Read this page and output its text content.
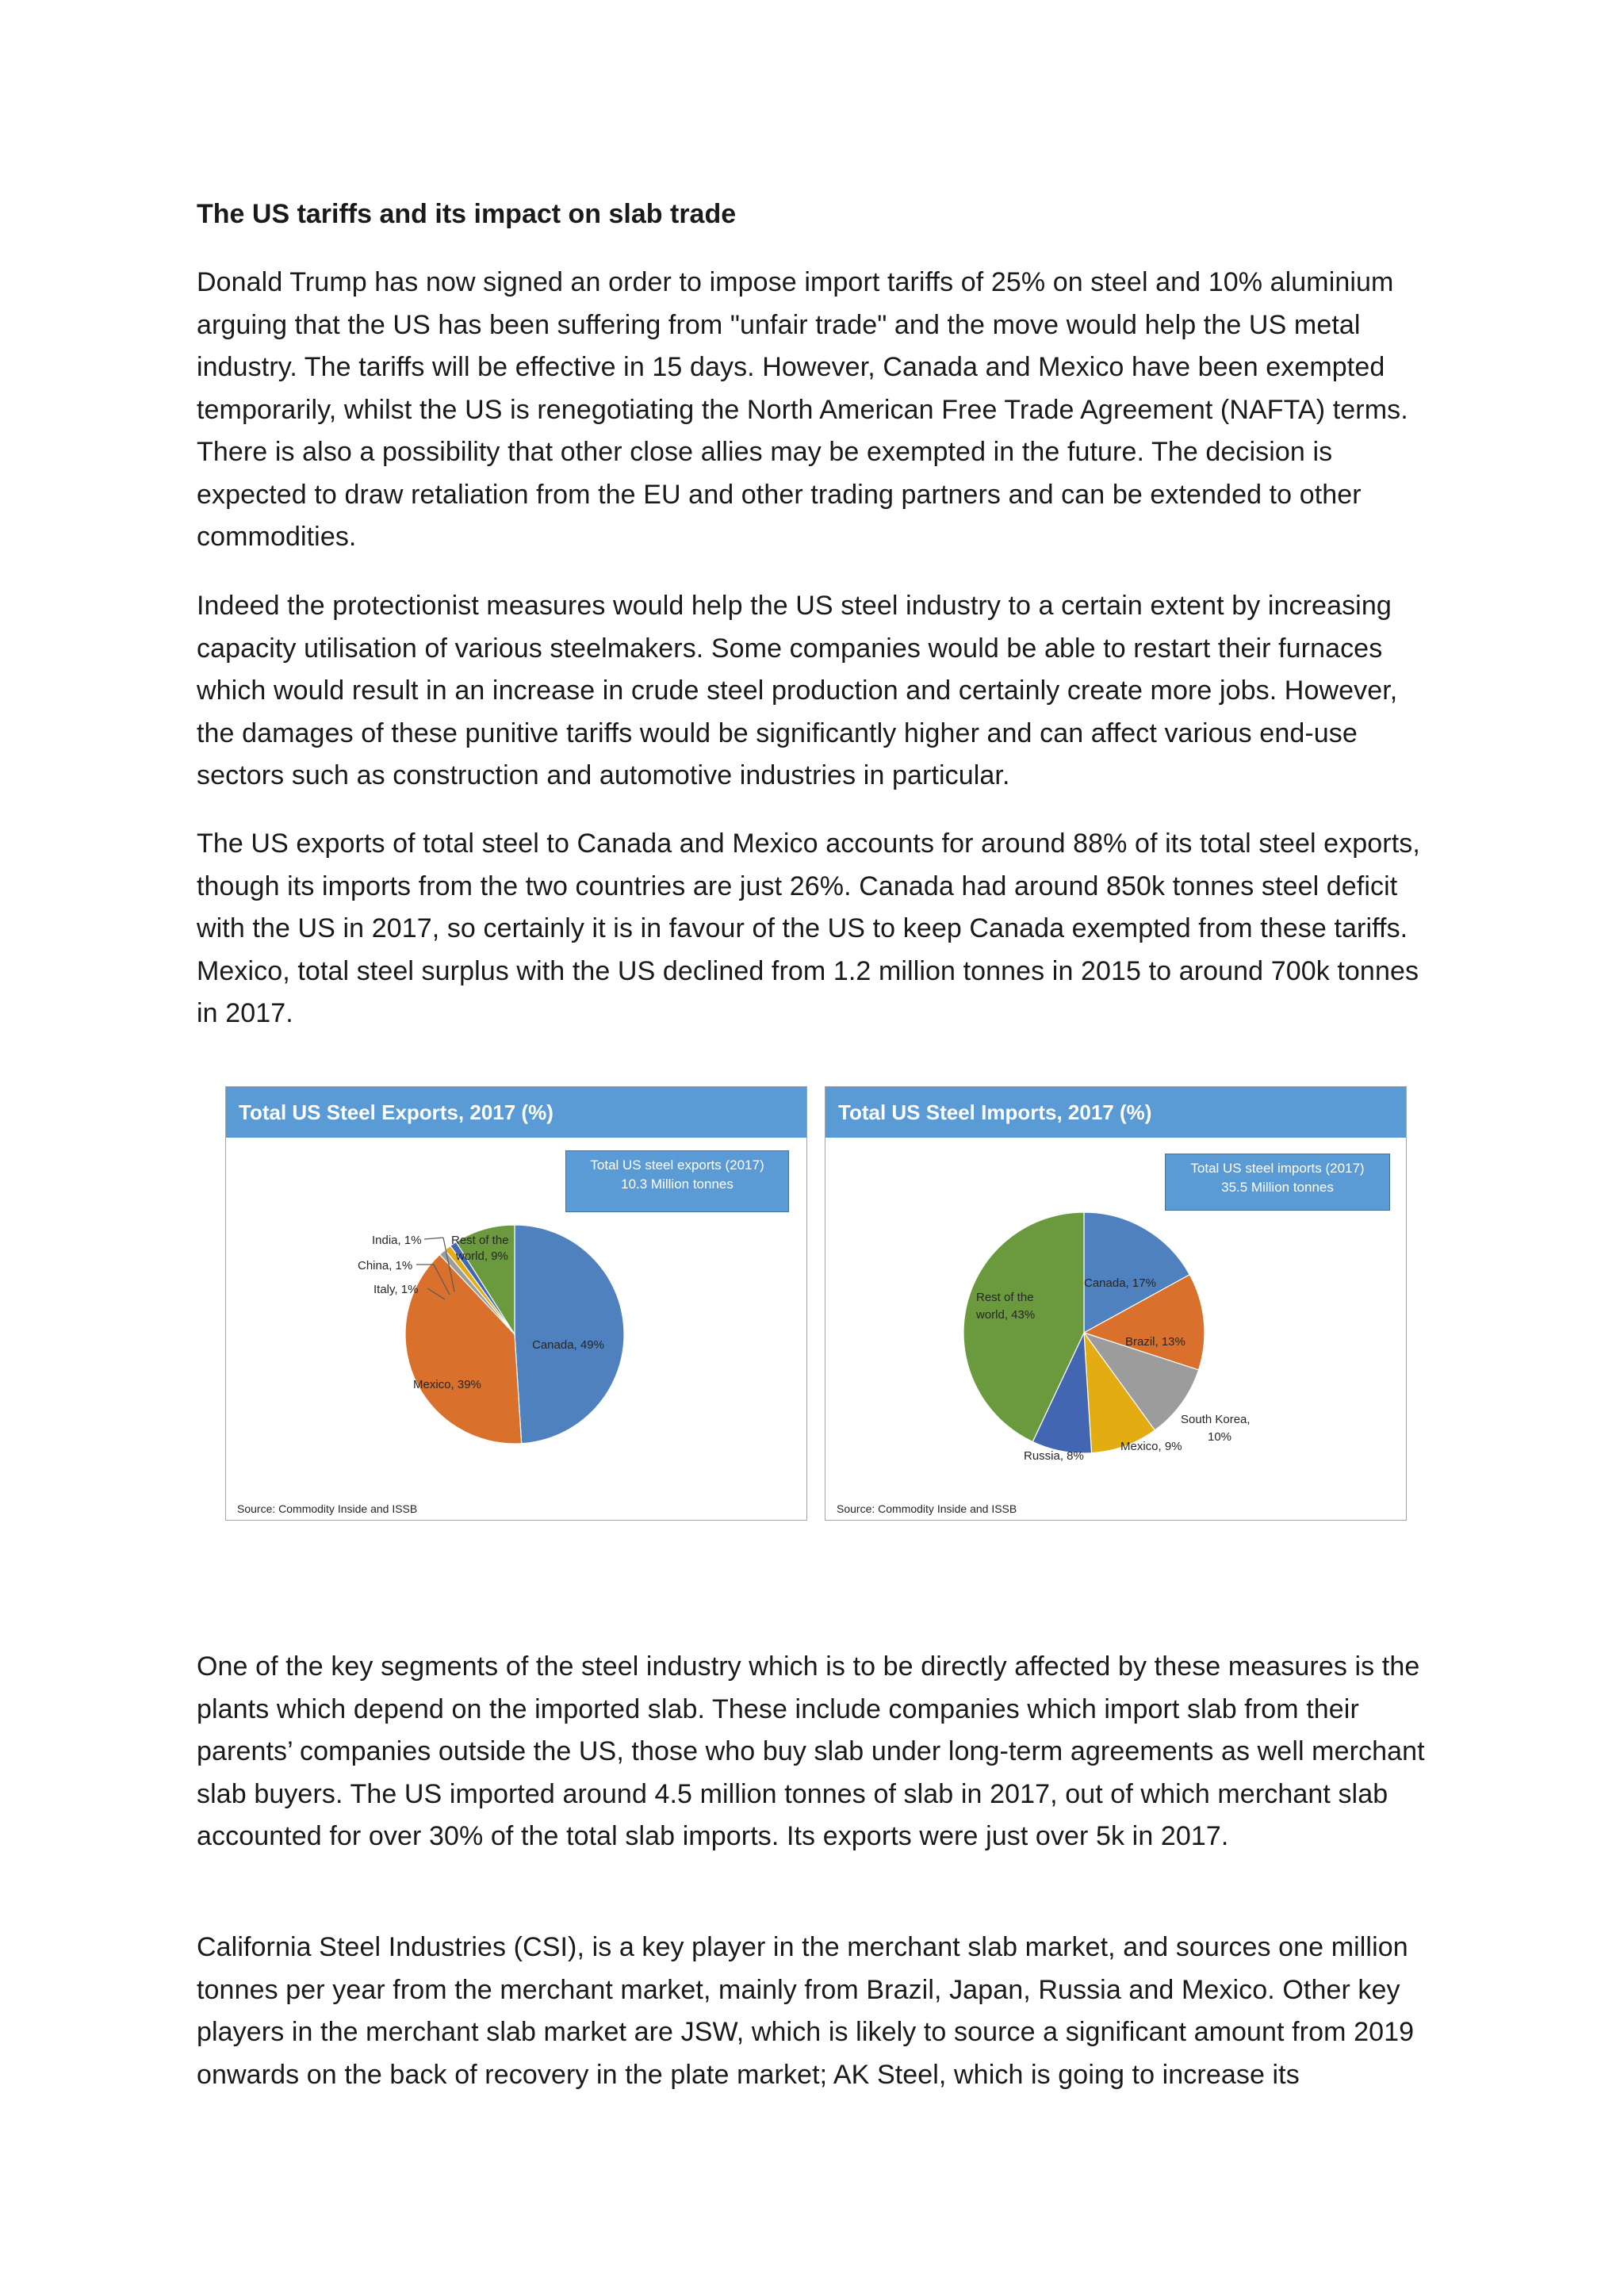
The US tariffs and its impact on slab trade

Donald Trump has now signed an order to impose import tariffs of 25% on steel and 10% aluminium arguing that the US has been suffering from "unfair trade" and the move would help the US metal industry. The tariffs will be effective in 15 days. However, Canada and Mexico have been exempted temporarily, whilst the US is renegotiating the North American Free Trade Agreement (NAFTA) terms. There is also a possibility that other close allies may be exempted in the future. The decision is expected to draw retaliation from the EU and other trading partners and can be extended to other commodities.

Indeed the protectionist measures would help the US steel industry to a certain extent by increasing capacity utilisation of various steelmakers. Some companies would be able to restart their furnaces which would result in an increase in crude steel production and certainly create more jobs. However, the damages of these punitive tariffs would be significantly higher and can affect various end-use sectors such as construction and automotive industries in particular.

The US exports of total steel to Canada and Mexico accounts for around 88% of its total steel exports, though its imports from the two countries are just 26%. Canada had around 850k tonnes steel deficit with the US in 2017, so certainly it is in favour of the US to keep Canada exempted from these tariffs. Mexico, total steel surplus with the US declined from 1.2 million tonnes in 2015 to around 700k tonnes in 2017.

Total US Steel Exports, 2017 (%)
Total US steel exports (2017)
10.3 Million tonnes
Canada, 49%
Mexico, 39%
Italy, 1%
China, 1%
India, 1% Rest of the
world, 9%
Source: Commodity Inside and ISSB
Total US Steel Imports, 2017 (%)
Total US steel imports (2017)
35.5 Million tonnes
Canada, 17%
Brazil, 13%
South Korea,
10%
Mexico, 9%
Russia, 8%
Rest of the
world, 43%
Source: Commodity Inside and ISSB

One of the key segments of the steel industry which is to be directly affected by these measures is the plants which depend on the imported slab. These include companies which import slab from their parents’ companies outside the US, those who buy slab under long-term agreements as well merchant slab buyers. The US imported around 4.5 million tonnes of slab in 2017, out of which merchant slab accounted for over 30% of the total slab imports. Its exports were just over 5k in 2017.

California Steel Industries (CSI), is a key player in the merchant slab market, and sources one million tonnes per year from the merchant market, mainly from Brazil, Japan, Russia and Mexico. Other key players in the merchant slab market are JSW, which is likely to source a significant amount from 2019 onwards on the back of recovery in the plate market; AK Steel, which is going to increase its
